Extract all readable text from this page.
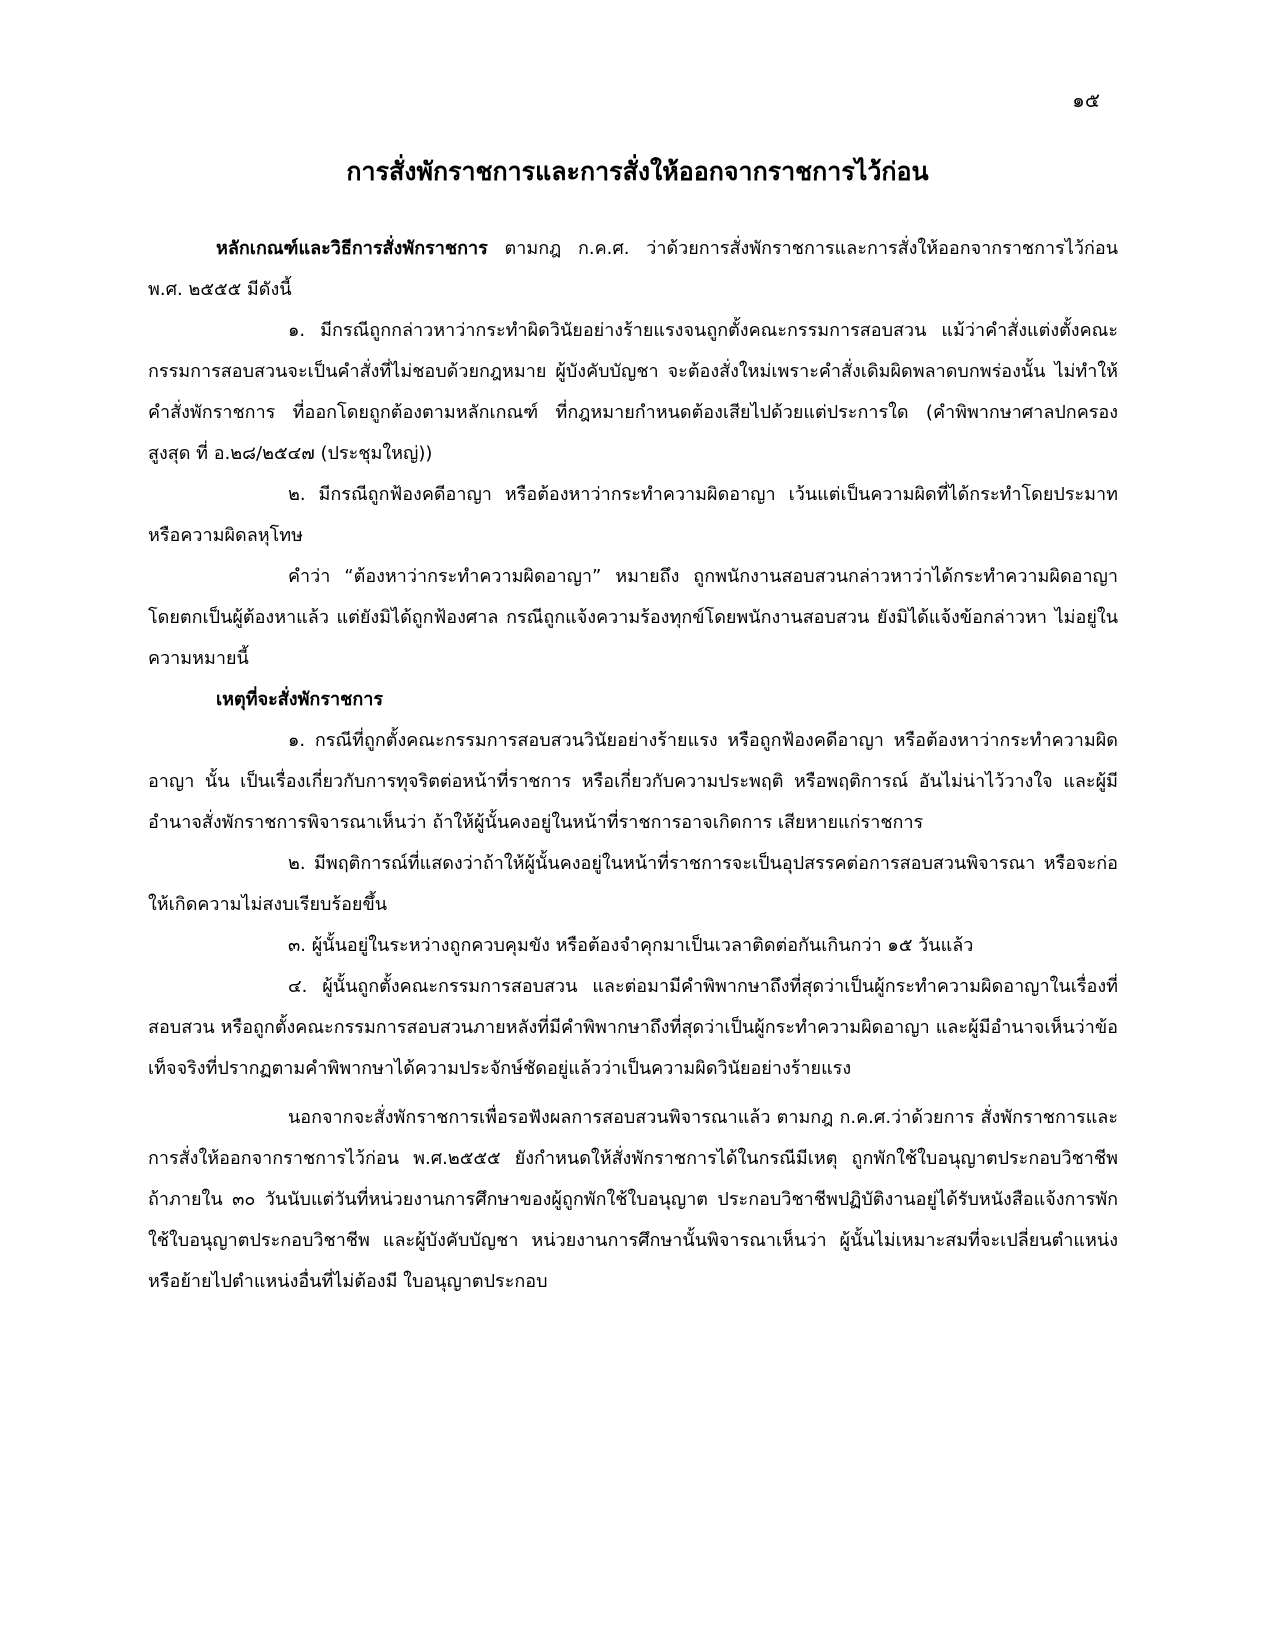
๑๕
การสั่งพักราชการและการสั่งให้ออกจากราชการไว้ก่อน

หลักเกณฑ์และวิธีการสั่งพักราชการ ตามกฎ ก.ค.ศ. ว่าด้วยการสั่งพักราชการและการสั่งให้ออกจากราชการไว้ก่อน พ.ศ. ๒๕๕๕ มีดังนี้

๑. มีกรณีถูกกล่าวหาว่ากระทำผิดวินัยอย่างร้ายแรงจนถูกตั้งคณะกรรมการสอบสวน แม้ว่าคำสั่งแต่งตั้งคณะกรรมการสอบสวนจะเป็นคำสั่งที่ไม่ชอบด้วยกฎหมาย ผู้บังคับบัญชา จะต้องสั่งใหม่เพราะคำสั่งเดิมผิดพลาดบกพร่องนั้น ไม่ทำให้คำสั่งพักราชการ ที่ออกโดยถูกต้องตามหลักเกณฑ์ ที่กฎหมายกำหนดต้องเสียไปด้วยแต่ประการใด (คำพิพากษาศาลปกครองสูงสุด ที่ อ.๒๘/๒๕๔๗ (ประชุมใหญ่))

๒. มีกรณีถูกฟ้องคดีอาญา หรือต้องหาว่ากระทำความผิดอาญา เว้นแต่เป็นความผิดที่ได้กระทำโดยประมาทหรือความผิดลหุโทษ

คำว่า “ต้องหาว่ากระทำความผิดอาญา” หมายถึง ถูกพนักงานสอบสวนกล่าวหาว่าได้กระทำความผิดอาญา โดยตกเป็นผู้ต้องหาแล้ว แต่ยังมิได้ถูกฟ้องศาล กรณีถูกแจ้งความร้องทุกข์โดยพนักงานสอบสวน ยังมิได้แจ้งข้อกล่าวหา ไม่อยู่ในความหมายนี้

เหตุที่จะสั่งพักราชการ

๑. กรณีที่ถูกตั้งคณะกรรมการสอบสวนวินัยอย่างร้ายแรง หรือถูกฟ้องคดีอาญา หรือต้องหาว่ากระทำความผิดอาญา นั้น เป็นเรื่องเกี่ยวกับการทุจริตต่อหน้าที่ราชการ หรือเกี่ยวกับความประพฤติ หรือพฤติการณ์ อันไม่น่าไว้วางใจ และผู้มีอำนาจสั่งพักราชการพิจารณาเห็นว่า ถ้าให้ผู้นั้นคงอยู่ในหน้าที่ราชการอาจเกิดการ เสียหายแก่ราชการ

๒. มีพฤติการณ์ที่แสดงว่าถ้าให้ผู้นั้นคงอยู่ในหน้าที่ราชการจะเป็นอุปสรรคต่อการสอบสวนพิจารณา หรือจะก่อให้เกิดความไม่สงบเรียบร้อยขึ้น

๓. ผู้นั้นอยู่ในระหว่างถูกควบคุมขัง หรือต้องจำคุกมาเป็นเวลาติดต่อกันเกินกว่า ๑๕ วันแล้ว

๔. ผู้นั้นถูกตั้งคณะกรรมการสอบสวน และต่อมามีคำพิพากษาถึงที่สุดว่าเป็นผู้กระทำความผิดอาญาในเรื่องที่สอบสวน หรือถูกตั้งคณะกรรมการสอบสวนภายหลังที่มีคำพิพากษาถึงที่สุดว่าเป็นผู้กระทำความผิดอาญา และผู้มีอำนาจเห็นว่าข้อเท็จจริงที่ปรากฏตามคำพิพากษาได้ความประจักษ์ชัดอยู่แล้วว่าเป็นความผิดวินัยอย่างร้ายแรง

นอกจากจะสั่งพักราชการเพื่อรอฟังผลการสอบสวนพิจารณาแล้ว ตามกฎ ก.ค.ศ.ว่าด้วยการ สั่งพักราชการและการสั่งให้ออกจากราชการไว้ก่อน พ.ศ.๒๕๕๕ ยังกำหนดให้สั่งพักราชการได้ในกรณีมีเหตุ ถูกพักใช้ใบอนุญาตประกอบวิชาชีพ ถ้าภายใน ๓๐ วันนับแต่วันที่หน่วยงานการศึกษาของผู้ถูกพักใช้ใบอนุญาต ประกอบวิชาชีพปฏิบัติงานอยู่ได้รับหนังสือแจ้งการพักใช้ใบอนุญาตประกอบวิชาชีพ และผู้บังคับบัญชา หน่วยงานการศึกษานั้นพิจารณาเห็นว่า ผู้นั้นไม่เหมาะสมที่จะเปลี่ยนตำแหน่งหรือย้ายไปตำแหน่งอื่นที่ไม่ต้องมี ใบอนุญาตประกอบ
